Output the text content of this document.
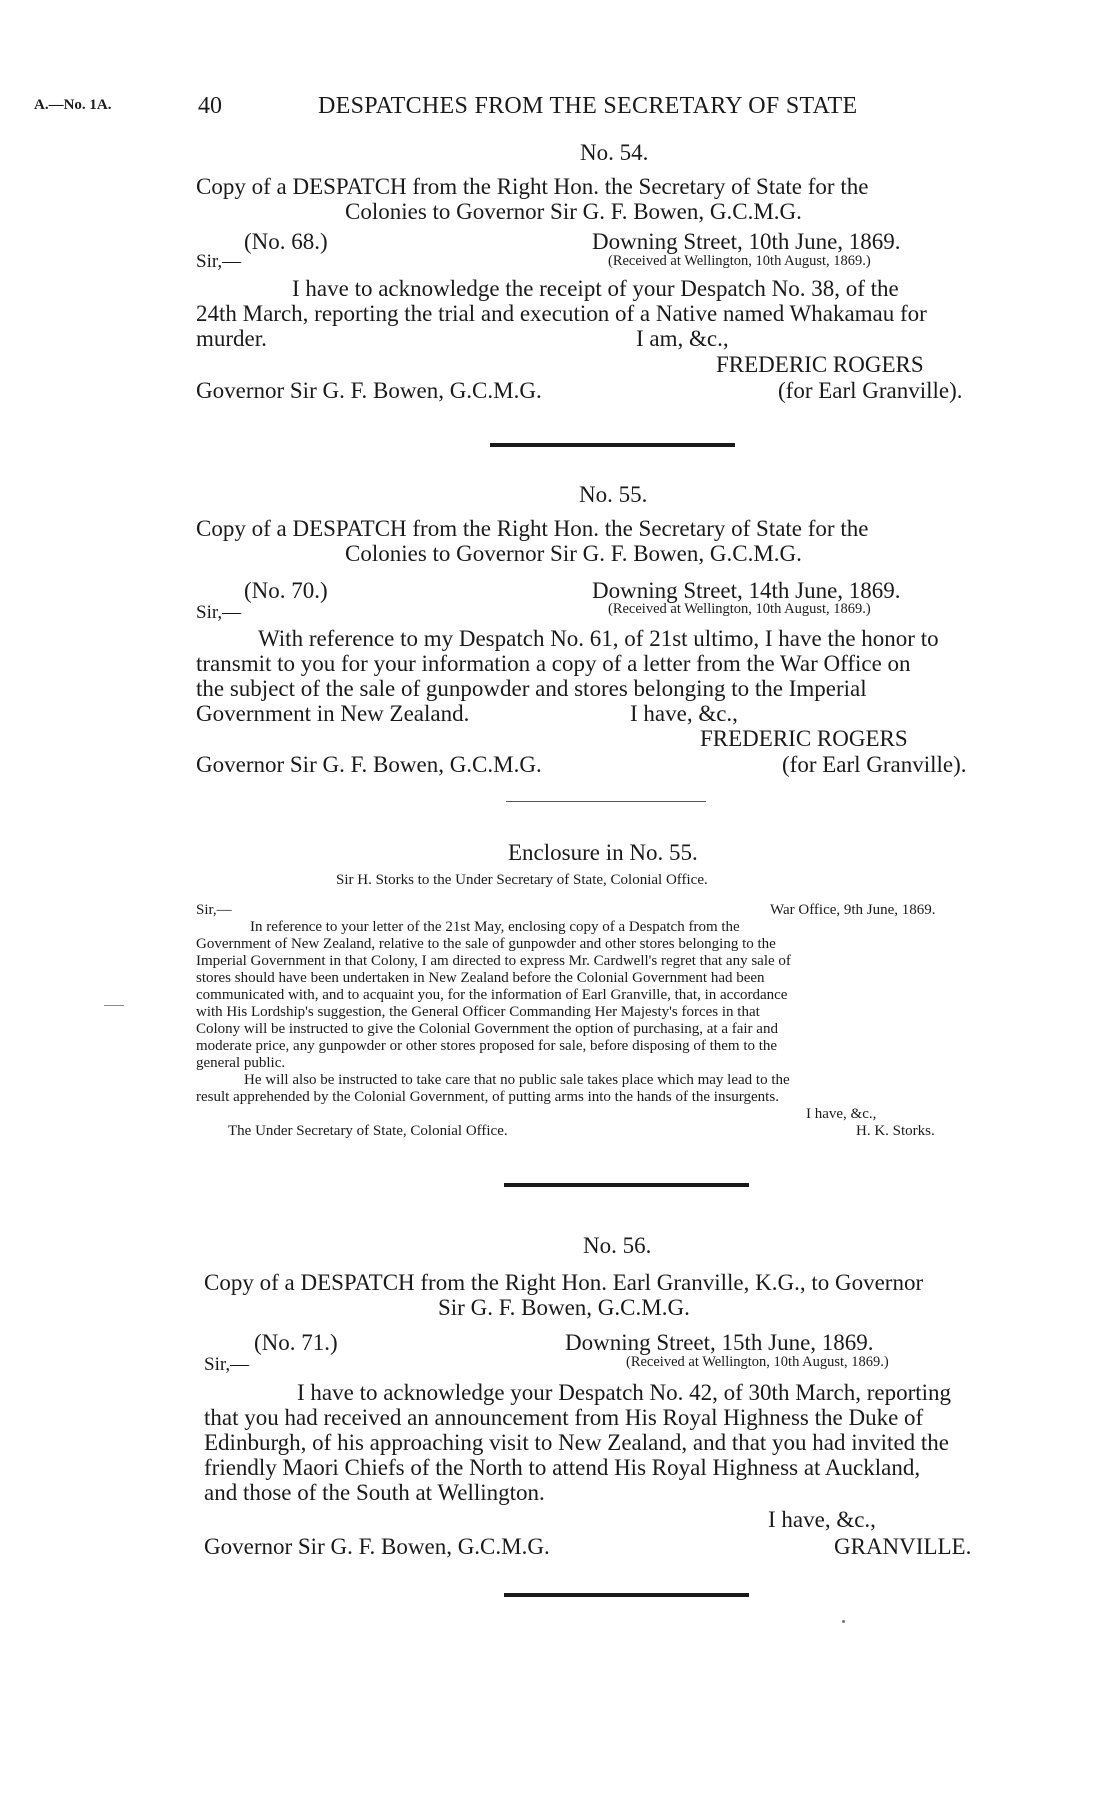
A.—No. 1A.	40	DESPATCHES FROM THE SECRETARY OF STATE
No. 54.
Copy of a DESPATCH from the Right Hon. the Secretary of State for the
Colonies to Governor Sir G. F. Bowen, G.C.M.G.
(No. 68.)	Downing Street, 10th June, 1869.
Sir,—	(Received at Wellington, 10th August, 1869.)
I have to acknowledge the receipt of your Despatch No. 38, of the
24th March, reporting the trial and execution of a Native named Whakamau for
murder.	I am, &c.,
FREDERIC ROGERS
Governor Sir G. F. Bowen, G.C.M.G.	(for Earl Granville).
No. 55.
Copy of a DESPATCH from the Right Hon. the Secretary of State for the
Colonies to Governor Sir G. F. Bowen, G.C.M.G.
(No. 70.)	Downing Street, 14th June, 1869.
Sir,—	(Received at Wellington, 10th August, 1869.)
With reference to my Despatch No. 61, of 21st ultimo, I have the honor to
transmit to you for your information a copy of a letter from the War Office on
the subject of the sale of gunpowder and stores belonging to the Imperial
Government in New Zealand.	I have, &c.,
FREDERIC ROGERS
Governor Sir G. F. Bowen, G.C.M.G.	(for Earl Granville).
Enclosure in No. 55.
Sir H. Storks to the Under Secretary of State, Colonial Office.
Sir,—	War Office, 9th June, 1869.
In reference to your letter of the 21st May, enclosing copy of a Despatch from the
Government of New Zealand, relative to the sale of gunpowder and other stores belonging to the
Imperial Government in that Colony, I am directed to express Mr. Cardwell's regret that any sale of
stores should have been undertaken in New Zealand before the Colonial Government had been
communicated with, and to acquaint you, for the information of Earl Granville, that, in accordance
with His Lordship's suggestion, the General Officer Commanding Her Majesty's forces in that
Colony will be instructed to give the Colonial Government the option of purchasing, at a fair and
moderate price, any gunpowder or other stores proposed for sale, before disposing of them to the
general public.
He will also be instructed to take care that no public sale takes place which may lead to the
result apprehended by the Colonial Government, of putting arms into the hands of the insurgents.
I have, &c.,
The Under Secretary of State, Colonial Office.	H. K. Storks.
No. 56.
Copy of a DESPATCH from the Right Hon. Earl Granville, K.G., to Governor
Sir G. F. Bowen, G.C.M.G.
(No. 71.)	Downing Street, 15th June, 1869.
Sir,—	(Received at Wellington, 10th August, 1869.)
I have to acknowledge your Despatch No. 42, of 30th March, reporting
that you had received an announcement from His Royal Highness the Duke of
Edinburgh, of his approaching visit to New Zealand, and that you had invited the
friendly Maori Chiefs of the North to attend His Royal Highness at Auckland,
and those of the South at Wellington.
I have, &c.,
Governor Sir G. F. Bowen, G.C.M.G.	GRANVILLE.
